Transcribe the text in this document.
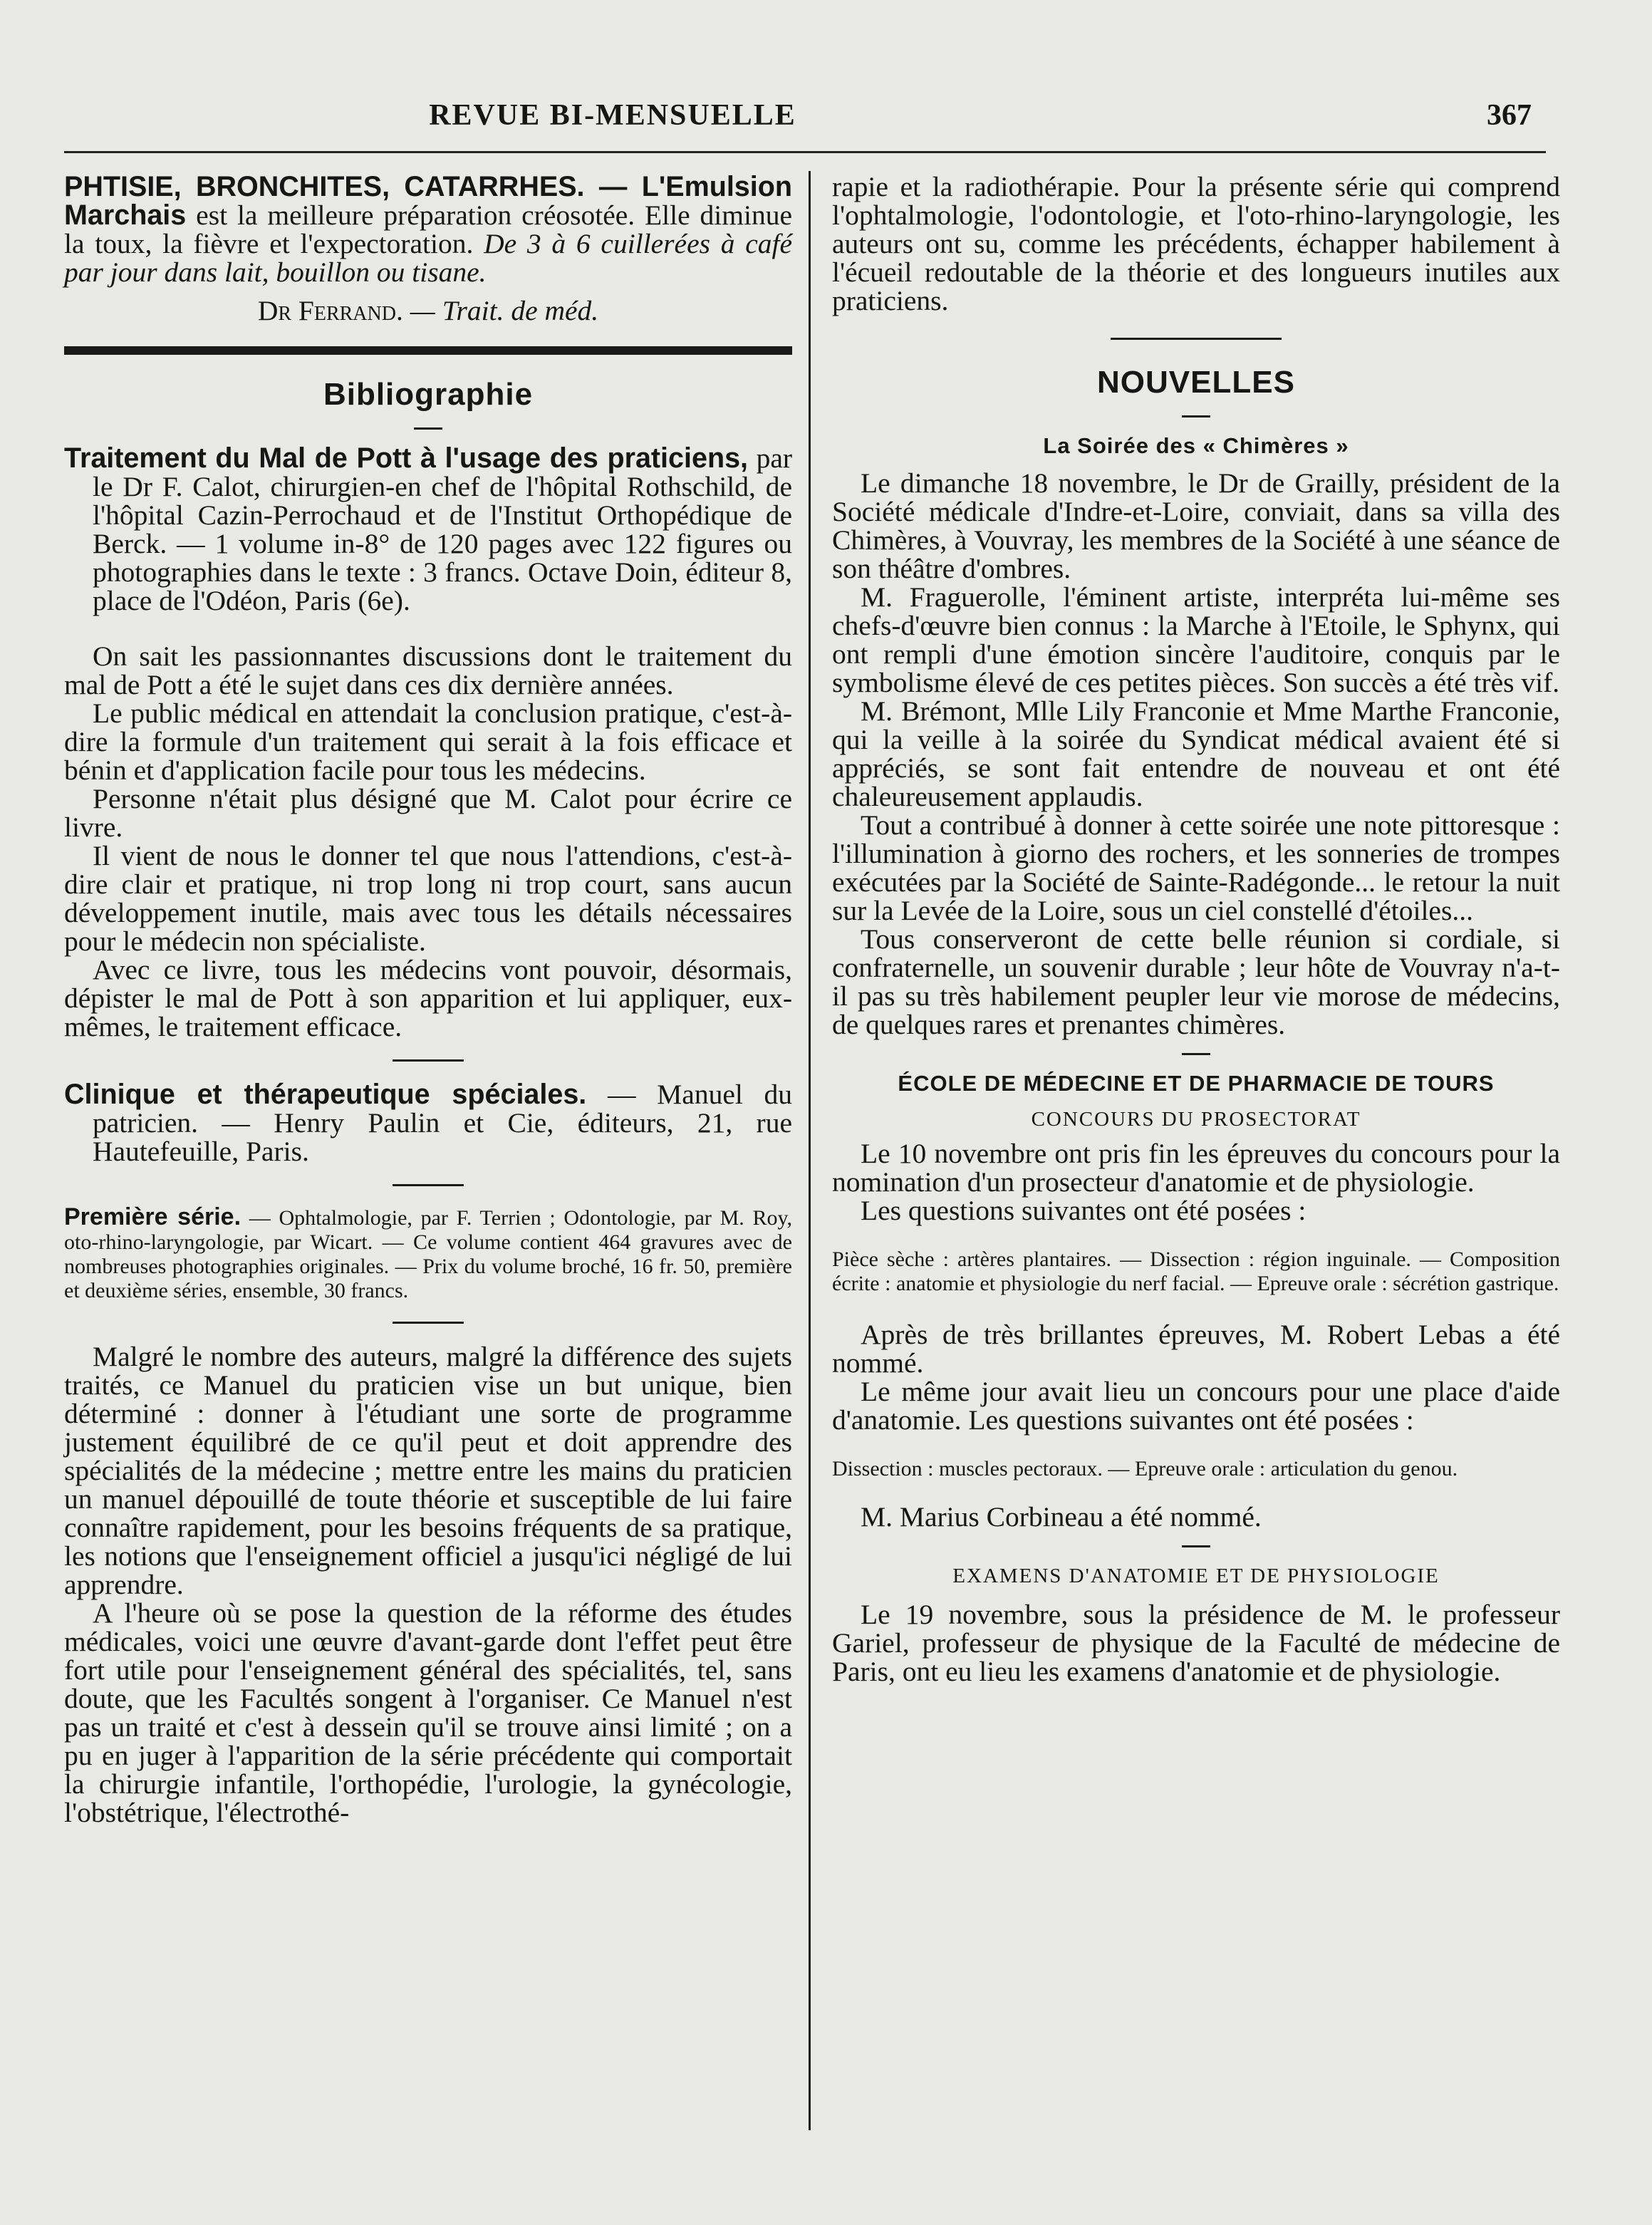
REVUE BI-MENSUELLE	367

PHTISIE, BRONCHITES, CATARRHES. — L'Emulsion Marchais est la meilleure préparation créosotée. Elle diminue la toux, la fièvre et l'expectoration. De 3 à 6 cuillerées à café par jour dans lait, bouillon ou tisane.

Dr Ferrand. — Trait. de méd.

Bibliographie

Traitement du Mal de Pott à l'usage des praticiens, par le Dr F. Calot, chirurgien-en chef de l'hôpital Rothschild, de l'hôpital Cazin-Perrochaud et de l'Institut Orthopédique de Berck. — 1 volume in-8° de 120 pages avec 122 figures ou photographies dans le texte : 3 francs. Octave Doin, éditeur 8, place de l'Odéon, Paris (6e).

On sait les passionnantes discussions dont le traitement du mal de Pott a été le sujet dans ces dix dernière années.

Le public médical en attendait la conclusion pratique, c'est-à-dire la formule d'un traitement qui serait à la fois efficace et bénin et d'application facile pour tous les médecins.

Personne n'était plus désigné que M. Calot pour écrire ce livre.

Il vient de nous le donner tel que nous l'attendions, c'est-à-dire clair et pratique, ni trop long ni trop court, sans aucun développement inutile, mais avec tous les détails nécessaires pour le médecin non spécialiste.

Avec ce livre, tous les médecins vont pouvoir, désormais, dépister le mal de Pott à son apparition et lui appliquer, eux-mêmes, le traitement efficace.

Clinique et thérapeutique spéciales. — Manuel du patricien. — Henry Paulin et Cie, éditeurs, 21, rue Hautefeuille, Paris.

Première série. — Ophtalmologie, par F. Terrien ; Odontologie, par M. Roy, oto-rhino-laryngologie, par Wicart. — Ce volume contient 464 gravures avec de nombreuses photographies originales. — Prix du volume broché, 16 fr. 50, première et deuxième séries, ensemble, 30 francs.

Malgré le nombre des auteurs, malgré la différence des sujets traités, ce Manuel du praticien vise un but unique, bien déterminé : donner à l'étudiant une sorte de programme justement équilibré de ce qu'il peut et doit apprendre des spécialités de la médecine ; mettre entre les mains du praticien un manuel dépouillé de toute théorie et susceptible de lui faire connaître rapidement, pour les besoins fréquents de sa pratique, les notions que l'enseignement officiel a jusqu'ici négligé de lui apprendre.

A l'heure où se pose la question de la réforme des études médicales, voici une œuvre d'avant-garde dont l'effet peut être fort utile pour l'enseignement général des spécialités, tel, sans doute, que les Facultés songent à l'organiser. Ce Manuel n'est pas un traité et c'est à dessein qu'il se trouve ainsi limité ; on a pu en juger à l'apparition de la série précédente qui comportait la chirurgie infantile, l'orthopédie, l'urologie, la gynécologie, l'obstétrique, l'électrothé-

rapie et la radiothérapie. Pour la présente série qui comprend l'ophtalmologie, l'odontologie, et l'oto-rhino-laryngologie, les auteurs ont su, comme les précédents, échapper habilement à l'écueil redoutable de la théorie et des longueurs inutiles aux praticiens.

NOUVELLES

La Soirée des « Chimères »

Le dimanche 18 novembre, le Dr de Grailly, président de la Société médicale d'Indre-et-Loire, conviait, dans sa villa des Chimères, à Vouvray, les membres de la Société à une séance de son théâtre d'ombres.

M. Fraguerolle, l'éminent artiste, interpréta lui-même ses chefs-d'œuvre bien connus : la Marche à l'Etoile, le Sphynx, qui ont rempli d'une émotion sincère l'auditoire, conquis par le symbolisme élevé de ces petites pièces. Son succès a été très vif.

M. Brémont, Mlle Lily Franconie et Mme Marthe Franconie, qui la veille à la soirée du Syndicat médical avaient été si appréciés, se sont fait entendre de nouveau et ont été chaleureusement applaudis.

Tout a contribué à donner à cette soirée une note pittoresque : l'illumination à giorno des rochers, et les sonneries de trompes exécutées par la Société de Sainte-Radégonde... le retour la nuit sur la Levée de la Loire, sous un ciel constellé d'étoiles...

Tous conserveront de cette belle réunion si cordiale, si confraternelle, un souvenir durable ; leur hôte de Vouvray n'a-t-il pas su très habilement peupler leur vie morose de médecins, de quelques rares et prenantes chimères.

ÉCOLE DE MÉDECINE ET DE PHARMACIE DE TOURS

CONCOURS DU PROSECTORAT

Le 10 novembre ont pris fin les épreuves du concours pour la nomination d'un prosecteur d'anatomie et de physiologie.

Les questions suivantes ont été posées :

Pièce sèche : artères plantaires. — Dissection : région inguinale. — Composition écrite : anatomie et physiologie du nerf facial. — Epreuve orale : sécrétion gastrique.

Après de très brillantes épreuves, M. Robert Lebas a été nommé.

Le même jour avait lieu un concours pour une place d'aide d'anatomie. Les questions suivantes ont été posées :

Dissection : muscles pectoraux. — Epreuve orale : articulation du genou.

M. Marius Corbineau a été nommé.

EXAMENS D'ANATOMIE ET DE PHYSIOLOGIE

Le 19 novembre, sous la présidence de M. le professeur Gariel, professeur de physique de la Faculté de médecine de Paris, ont eu lieu les examens d'anatomie et de physiologie.
